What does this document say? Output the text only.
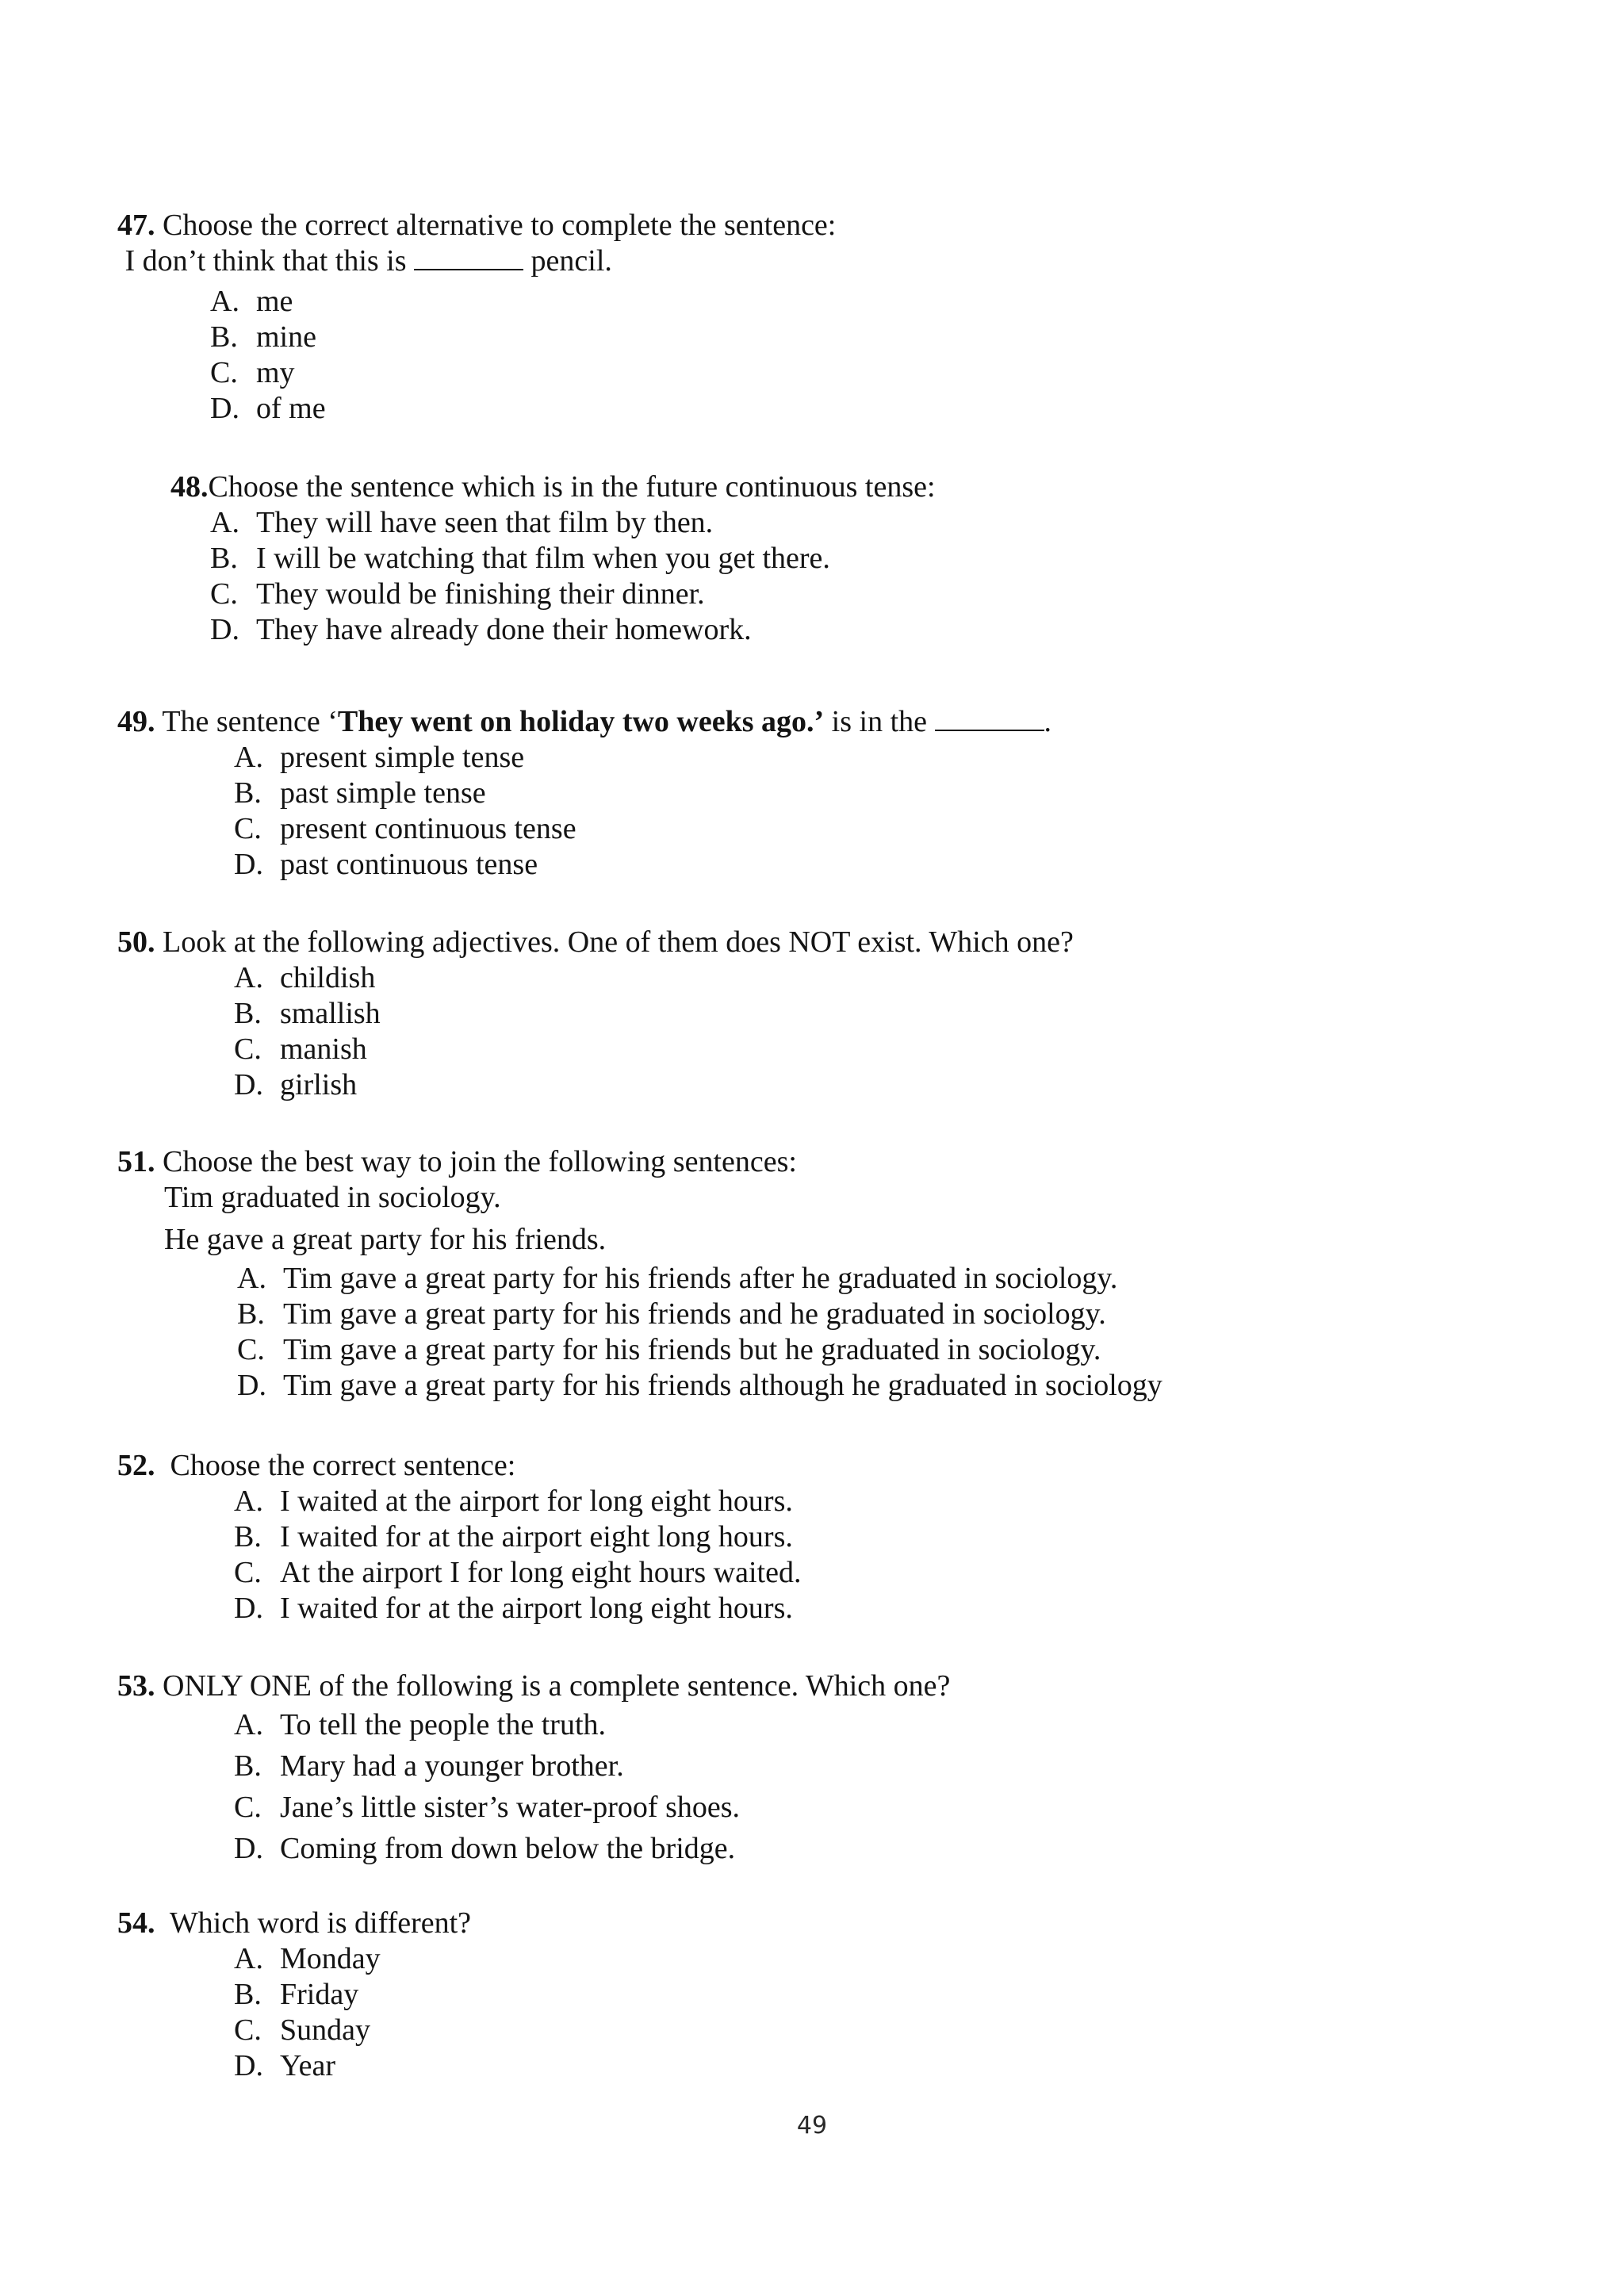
47. Choose the correct alternative to complete the sentence:

I don’t think that this is	pencil.

A. me
B. mine
C. my
D. of me

48.Choose the sentence which is in the future continuous tense:

A. They will have seen that film by then.
B. I will be watching that film when you get there.
C. They would be finishing their dinner.
D. They have already done their homework.

49. The sentence ‘They went on holiday two weeks ago.’ is in the	.

A. present simple tense
B. past simple tense
C. present continuous tense
D. past continuous tense

50. Look at the following adjectives. One of them does NOT exist. Which one?

A. childish
B. smallish
C. manish
D. girlish

51. Choose the best way to join the following sentences:

Tim graduated in sociology.

He gave a great party for his friends.

A. Tim gave a great party for his friends after he graduated in sociology.
B. Tim gave a great party for his friends and he graduated in sociology.
C. Tim gave a great party for his friends but he graduated in sociology.
D. Tim gave a great party for his friends although he graduated in sociology

52.  Choose the correct sentence:

A. I waited at the airport for long eight hours.
B. I waited for at the airport eight long hours.
C. At the airport I for long eight hours waited.
D. I waited for at the airport long eight hours.

53. ONLY ONE of the following is a complete sentence. Which one?

A. To tell the people the truth.
B. Mary had a younger brother.
C. Jane’s little sister’s water-proof shoes.
D. Coming from down below the bridge.

54.  Which word is different?

A. Monday
B. Friday
C. Sunday
D. Year
49
